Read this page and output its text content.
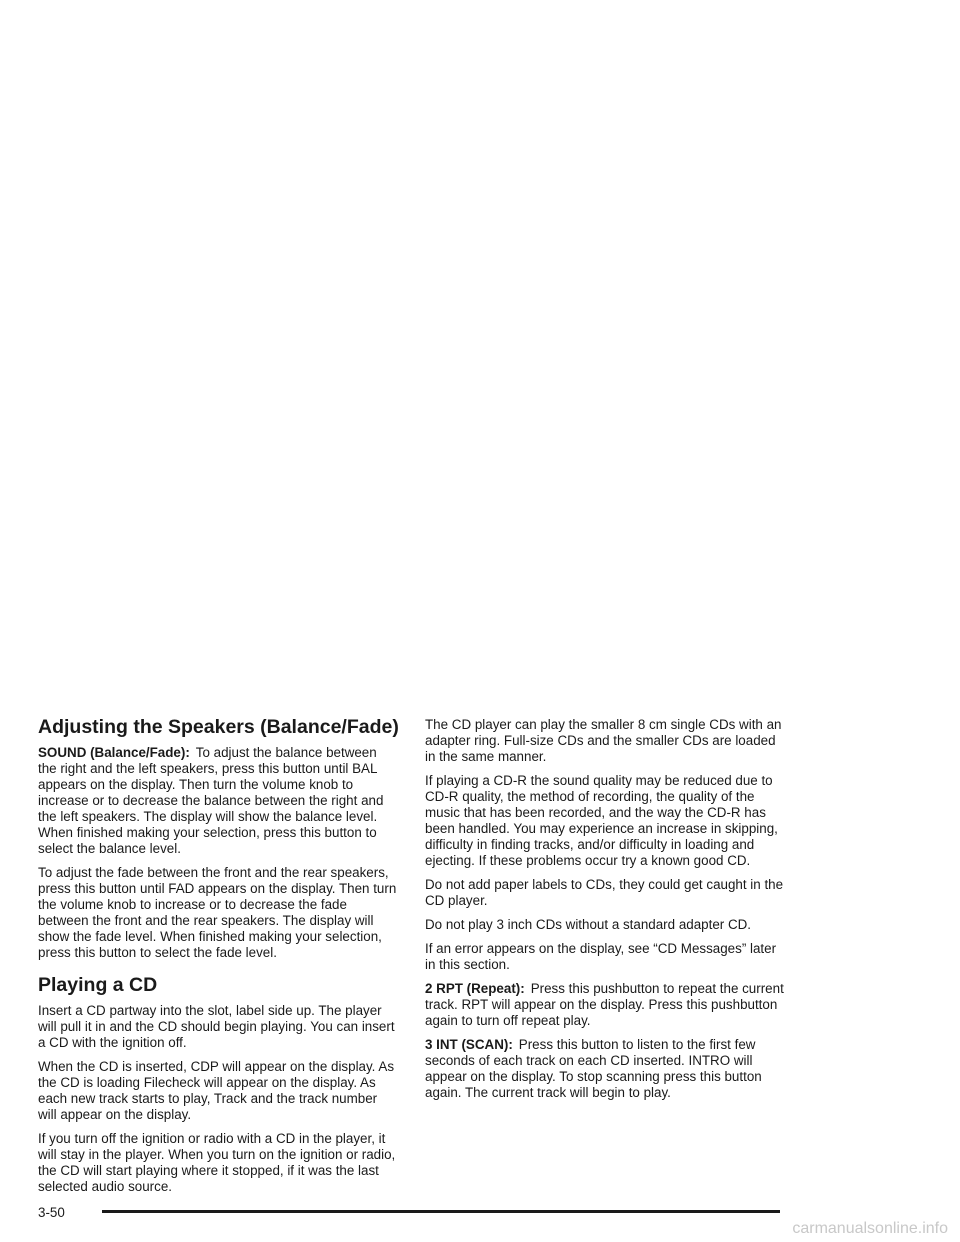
Adjusting the Speakers (Balance/Fade)

SOUND (Balance/Fade): To adjust the balance between the right and the left speakers, press this button until BAL appears on the display. Then turn the volume knob to increase or to decrease the balance between the right and the left speakers. The display will show the balance level. When finished making your selection, press this button to select the balance level.

To adjust the fade between the front and the rear speakers, press this button until FAD appears on the display. Then turn the volume knob to increase or to decrease the fade between the front and the rear speakers. The display will show the fade level. When finished making your selection, press this button to select the fade level.

Playing a CD

Insert a CD partway into the slot, label side up. The player will pull it in and the CD should begin playing. You can insert a CD with the ignition off.

When the CD is inserted, CDP will appear on the display. As the CD is loading Filecheck will appear on the display. As each new track starts to play, Track and the track number will appear on the display.

If you turn off the ignition or radio with a CD in the player, it will stay in the player. When you turn on the ignition or radio, the CD will start playing where it stopped, if it was the last selected audio source.

The CD player can play the smaller 8 cm single CDs with an adapter ring. Full-size CDs and the smaller CDs are loaded in the same manner.

If playing a CD-R the sound quality may be reduced due to CD-R quality, the method of recording, the quality of the music that has been recorded, and the way the CD-R has been handled. You may experience an increase in skipping, difficulty in finding tracks, and/or difficulty in loading and ejecting. If these problems occur try a known good CD.

Do not add paper labels to CDs, they could get caught in the CD player.

Do not play 3 inch CDs without a standard adapter CD.

If an error appears on the display, see “CD Messages” later in this section.

2 RPT (Repeat): Press this pushbutton to repeat the current track. RPT will appear on the display. Press this pushbutton again to turn off repeat play.

3 INT (SCAN): Press this button to listen to the first few seconds of each track on each CD inserted. INTRO will appear on the display. To stop scanning press this button again. The current track will begin to play.

3-50
carmanualsonline.info
